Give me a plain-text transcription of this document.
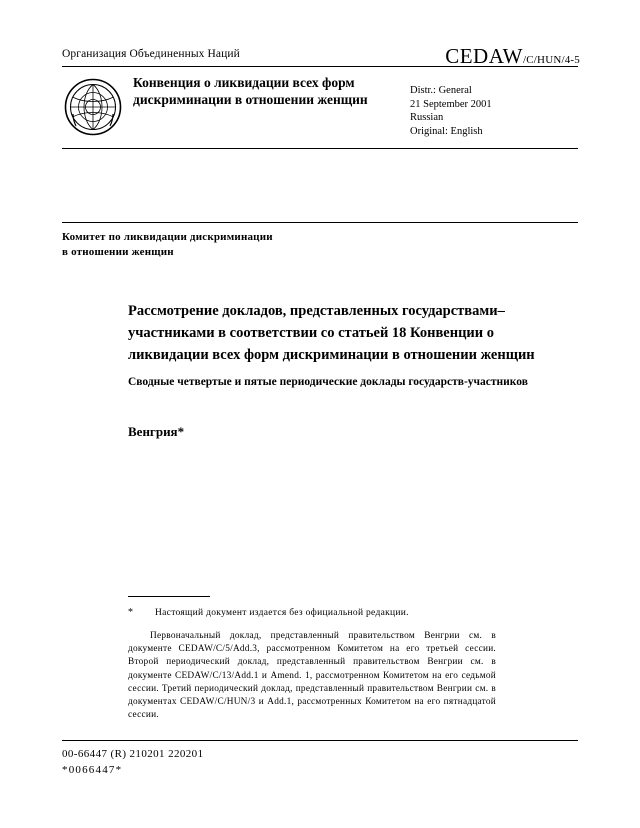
Организация Объединенных Наций	CEDAW/C/HUN/4-5
Конвенция о ликвидации всех форм дискриминации в отношении женщин
Distr.: General
21 September 2001
Russian
Original: English
Комитет по ликвидации дискриминации
в отношении женщин
Рассмотрение докладов, представленных государствами–участниками в соответствии со статьей 18 Конвенции о ликвидации всех форм дискриминации в отношении женщин
Сводные четвертые и пятые периодические доклады государств-участников
Венгрия*
* Настоящий документ издается без официальной редакции.
Первоначальный доклад, представленный правительством Венгрии см. в документе CEDAW/C/5/Add.3, рассмотренном Комитетом на его третьей сессии. Второй периодический доклад, представленный правительством Венгрии см. в документе CEDAW/C/13/Add.1 и Amend. 1, рассмотренном Комитетом на его седьмой сессии. Третий периодический доклад, представленный правительством Венгрии см. в документах CEDAW/C/HUN/3 и Add.1, рассмотренных Комитетом на его пятнадцатой сессии.
00-66447 (R) 210201 220201
*0066447*
